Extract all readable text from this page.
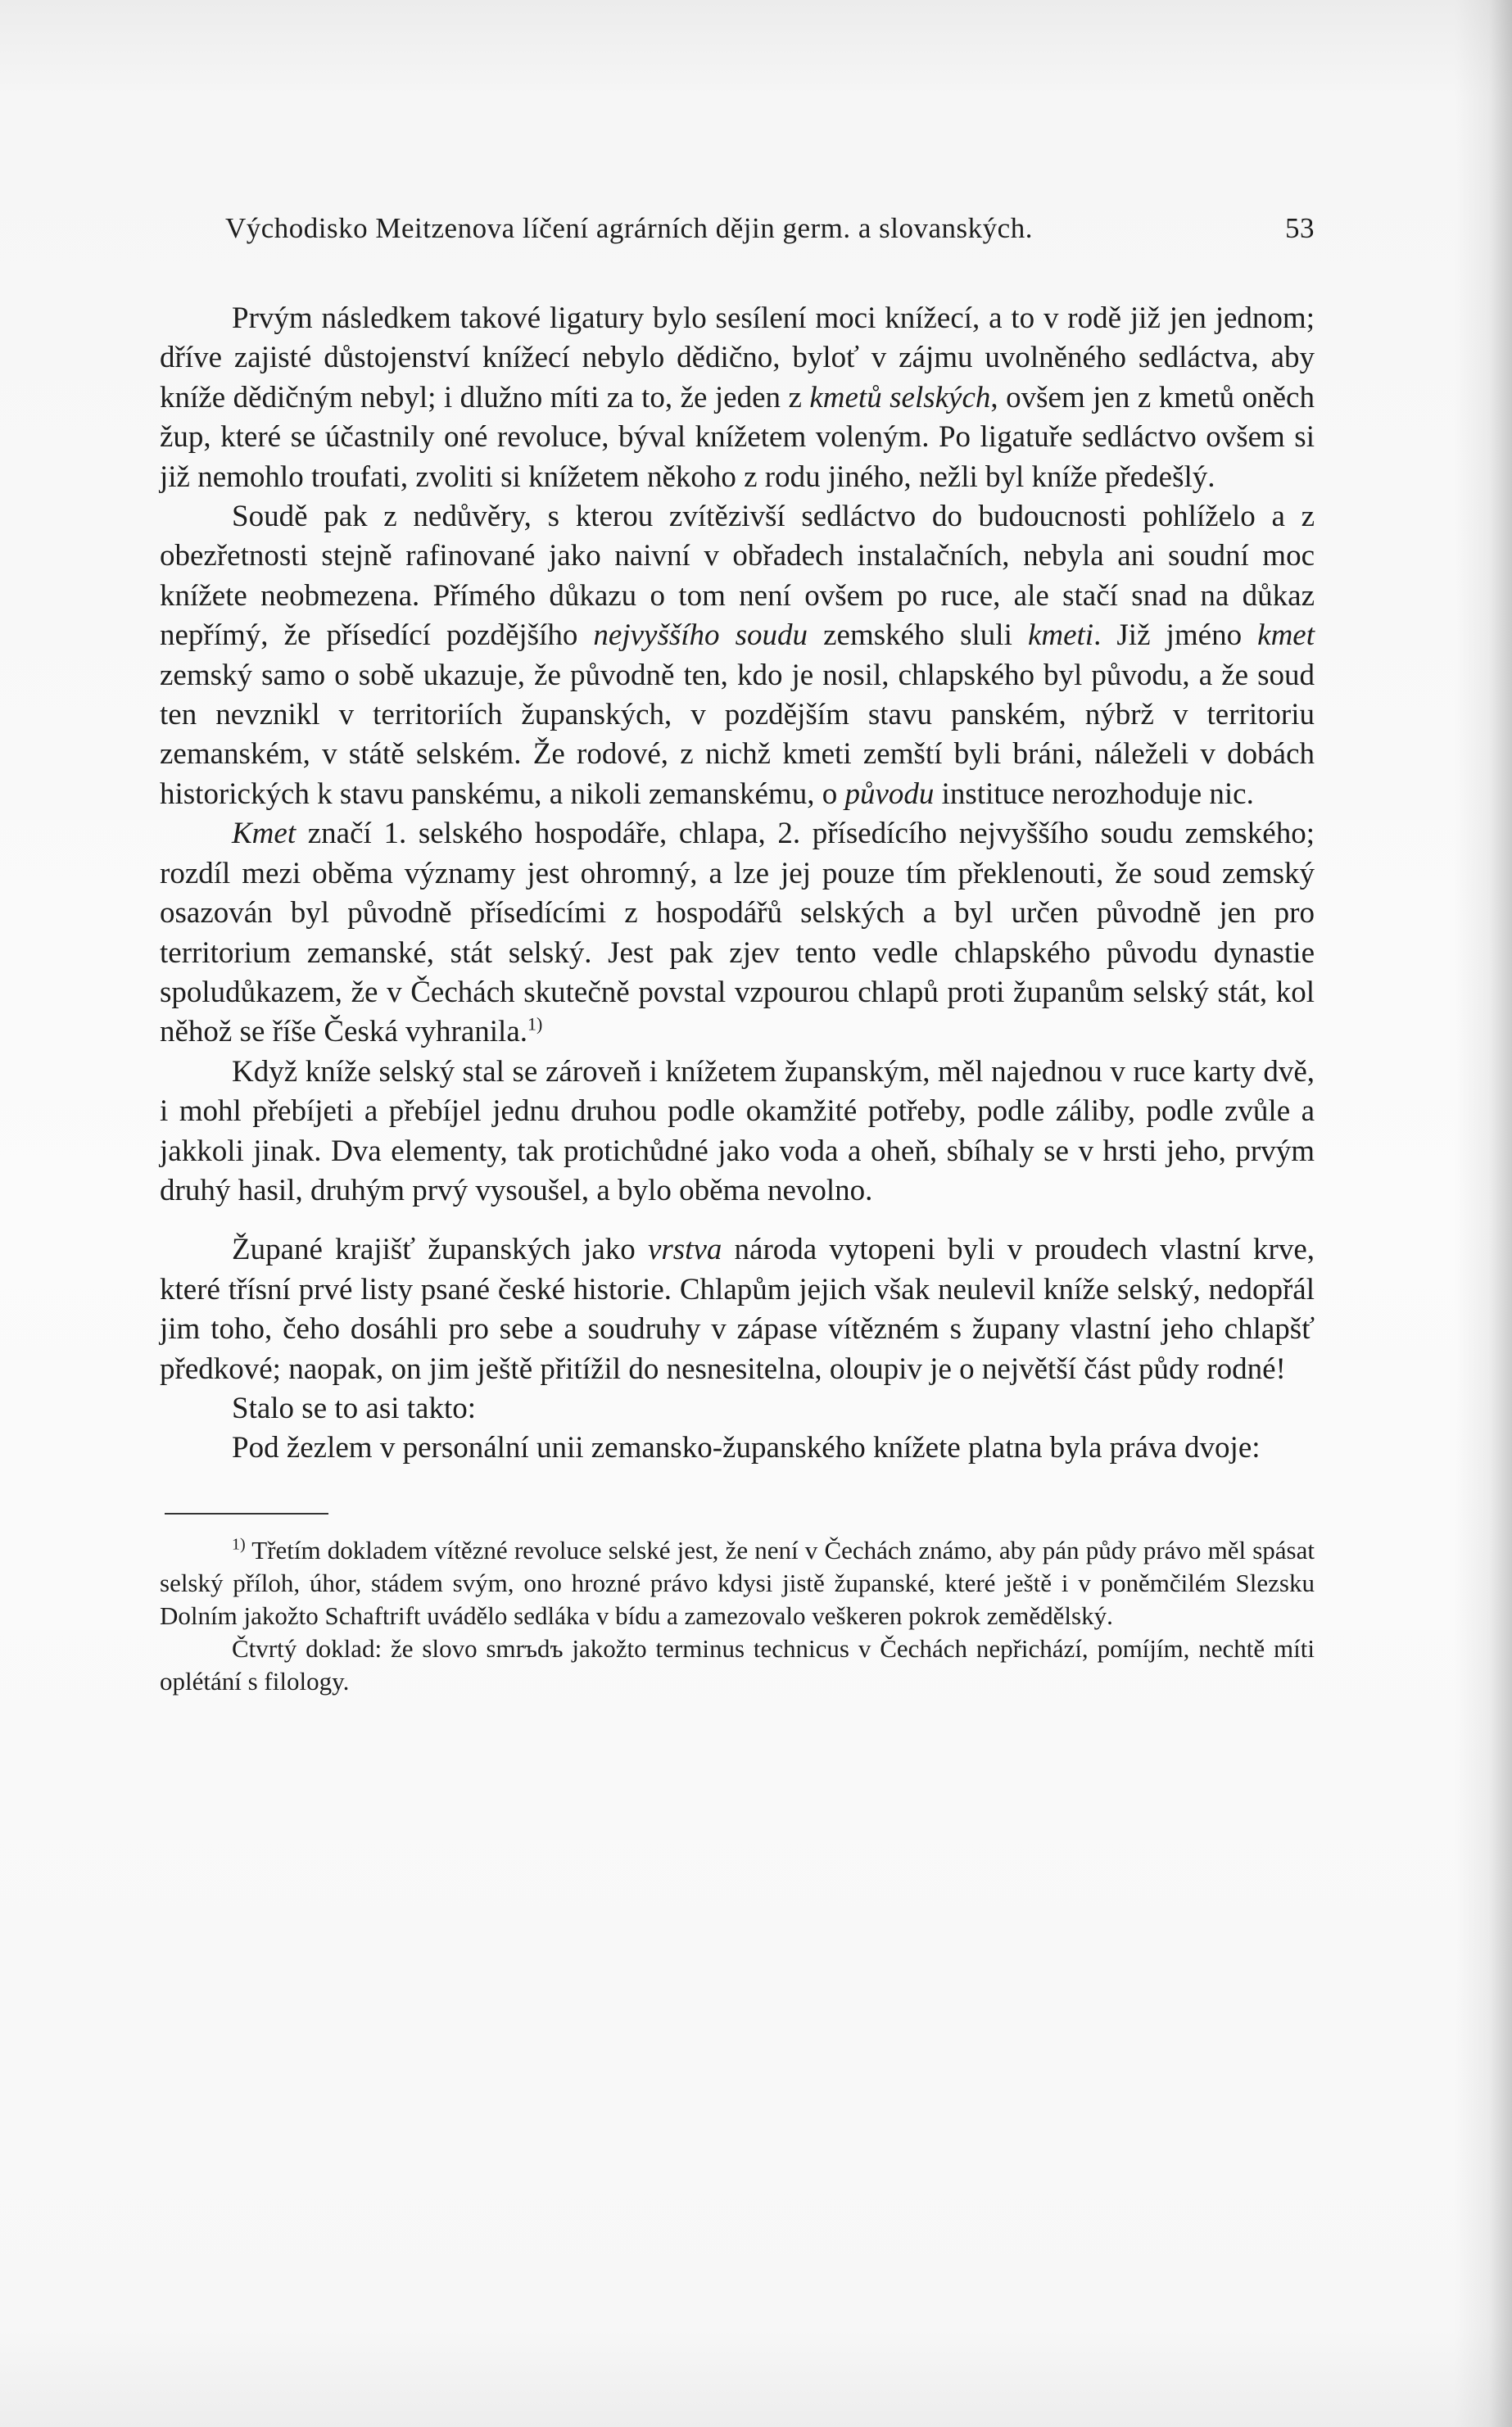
Východisko Meitzenova líčení agrárních dějin germ. a slovanských.	53

Prvým následkem takové ligatury bylo sesílení moci knížecí, a to v rodě již jen jednom; dříve zajisté důstojenství knížecí nebylo dědično, byloť v zájmu uvolněného sedláctva, aby kníže dědičným nebyl; i dlužno míti za to, že jeden z kmetů selských, ovšem jen z kmetů oněch žup, které se účastnily oné revoluce, býval knížetem voleným. Po ligatuře sedláctvo ovšem si již nemohlo troufati, zvoliti si knížetem někoho z rodu jiného, nežli byl kníže předešlý.

Soudě pak z nedůvěry, s kterou zvítězivší sedláctvo do budoucnosti pohlíželo a z obezřetnosti stejně rafinované jako naivní v obřadech instalačních, nebyla ani soudní moc knížete neobmezena. Přímého důkazu o tom není ovšem po ruce, ale stačí snad na důkaz nepřímý, že přísedící pozdějšího nejvyššího soudu zemského sluli kmeti. Již jméno kmet zemský samo o sobě ukazuje, že původně ten, kdo je nosil, chlapského byl původu, a že soud ten nevznikl v territoriích županských, v pozdějším stavu panském, nýbrž v territoriu zemanském, v státě selském. Že rodové, z nichž kmeti zemští byli bráni, náleželi v dobách historických k stavu panskému, a nikoli zemanskému, o původu instituce nerozhoduje nic.

Kmet značí 1. selského hospodáře, chlapa, 2. přísedícího nejvyššího soudu zemského; rozdíl mezi oběma významy jest ohromný, a lze jej pouze tím překlenouti, že soud zemský osazován byl původně přísedícími z hospodářů selských a byl určen původně jen pro territorium zemanské, stát selský. Jest pak zjev tento vedle chlapského původu dynastie spoludůkazem, že v Čechách skutečně povstal vzpourou chlapů proti županům selský stát, kol něhož se říše Česká vyhranila.$^{1)}$

Když kníže selský stal se zároveň i knížetem županským, měl najednou v ruce karty dvě, i mohl přebíjeti a přebíjel jednu druhou podle okamžité potřeby, podle záliby, podle zvůle a jakkoli jinak. Dva elementy, tak protichůdné jako voda a oheň, sbíhaly se v hrsti jeho, prvým druhý hasil, druhým prvý vysoušel, a bylo oběma nevolno.

Župané krajišť županských jako vrstva národa vytopeni byli v proudech vlastní krve, které třísní prvé listy psané české historie. Chlapům jejich však neulevil kníže selský, nedopřál jim toho, čeho dosáhli pro sebe a soudruhy v zápase vítězném s župany vlastní jeho chlapšť předkové; naopak, on jim ještě přitížil do nesnesitelna, oloupiv je o největší část půdy rodné!

Stalo se to asi takto:

Pod žezlem v personální unii zemansko-županského knížete platna byla práva dvoje:

$^{1)}$ Třetím dokladem vítězné revoluce selské jest, že není v Čechách známo, aby pán půdy právo měl spásat selský příloh, úhor, stádem svým, ono hrozné právo kdysi jistě županské, které ještě i v poněmčilém Slezsku Dolním jakožto Schaftrift uvádělo sedláka v bídu a zamezovalo veškeren pokrok zemědělský.

Čtvrtý doklad: že slovo smrъdъ jakožto terminus technicus v Čechách nepřichází, pomíjím, nechtě míti oplétání s filology.
